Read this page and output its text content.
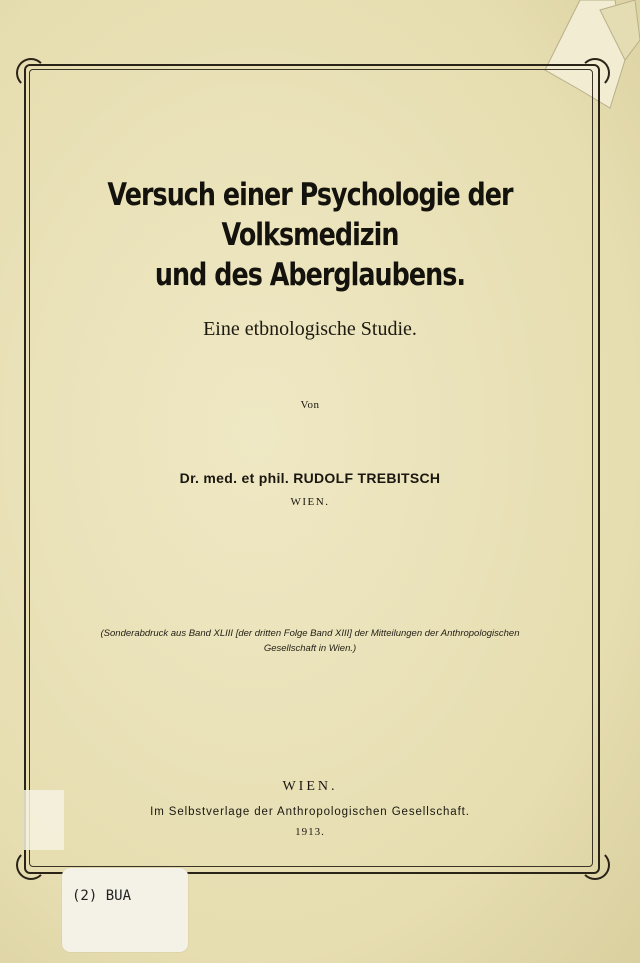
Versuch einer Psychologie der Volksmedizin
und des Aberglaubens.
Eine etbnologische Studie.
Von
Dr. med. et phil. RUDOLF TREBITSCH
WIEN.
(Sonderabdruck aus Band XLIII [der dritten Folge Band XIII] der Mitteilungen der Anthropologischen
Gesellschaft in Wien.)
WIEN.
Im Selbstverlage der Anthropologischen Gesellschaft.
1913.
(2) BUA
